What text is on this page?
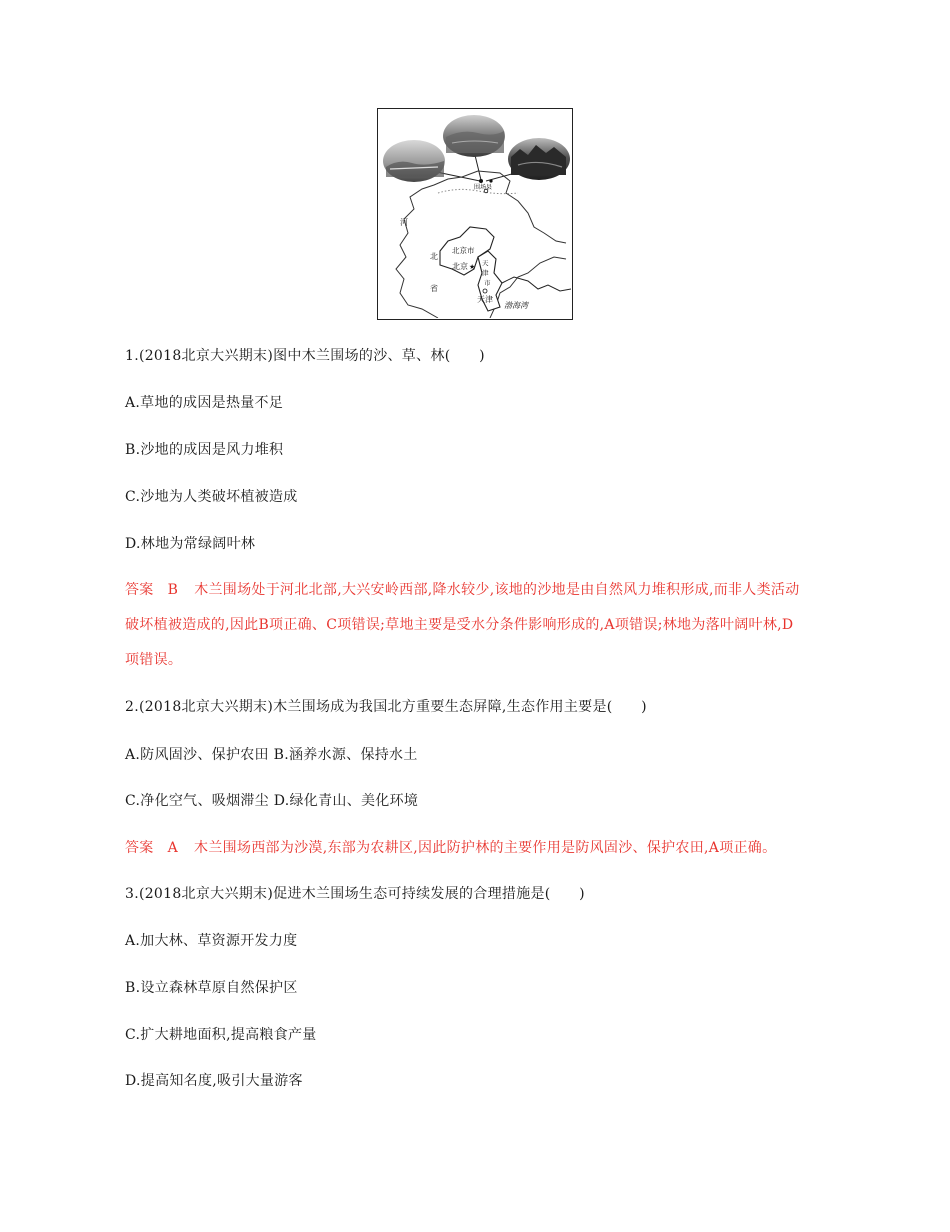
围场县
河
北
省
北京市
北京 ★ 天
津
市
天津
渤海湾
1.(2018北京大兴期末)图中木兰围场的沙、草、林(　　)
A.草地的成因是热量不足
B.沙地的成因是风力堆积
C.沙地为人类破坏植被造成
D.林地为常绿阔叶林
答案 B 木兰围场处于河北北部,大兴安岭西部,降水较少,该地的沙地是由自然风力堆积形成,而非人类活动
破坏植被造成的,因此B项正确、C项错误;草地主要是受水分条件影响形成的,A项错误;林地为落叶阔叶林,D
项错误。
2.(2018北京大兴期末)木兰围场成为我国北方重要生态屏障,生态作用主要是(　　)
A.防风固沙、保护农田 B.涵养水源、保持水土
C.净化空气、吸烟滞尘 D.绿化青山、美化环境
答案 A 木兰围场西部为沙漠,东部为农耕区,因此防护林的主要作用是防风固沙、保护农田,A项正确。
3.(2018北京大兴期末)促进木兰围场生态可持续发展的合理措施是(　　)
A.加大林、草资源开发力度
B.设立森林草原自然保护区
C.扩大耕地面积,提高粮食产量
D.提高知名度,吸引大量游客
